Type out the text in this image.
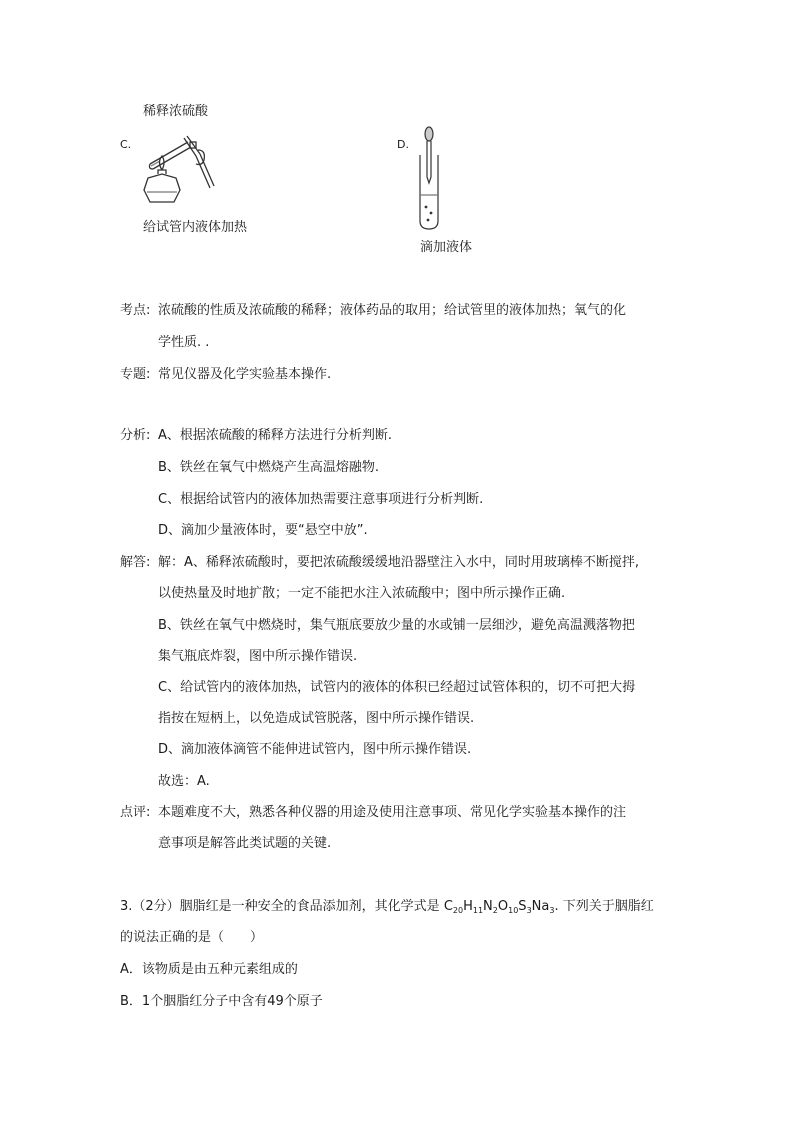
稀释浓硫酸
C.	D.
给试管内液体加热
滴加液体
考点: 浓硫酸的性质及浓硫酸的稀释；液体药品的取用；给试管里的液体加热；氧气的化
学性质. .
专题: 常见仪器及化学实验基本操作.
分析: A、根据浓硫酸的稀释方法进行分析判断.
B、铁丝在氧气中燃烧产生高温熔融物.
C、根据给试管内的液体加热需要注意事项进行分析判断.
D、滴加少量液体时，要“悬空中放”.
解答: 解：A、稀释浓硫酸时，要把浓硫酸缓缓地沿器壁注入水中，同时用玻璃棒不断搅拌,
以使热量及时地扩散；一定不能把水注入浓硫酸中；图中所示操作正确.
B、铁丝在氧气中燃烧时，集气瓶底要放少量的水或铺一层细沙，避免高温溅落物把
集气瓶底炸裂，图中所示操作错误.
C、给试管内的液体加热，试管内的液体的体积已经超过试管体积的，切不可把大拇
指按在短柄上，以免造成试管脱落，图中所示操作错误.
D、滴加液体滴管不能伸进试管内，图中所示操作错误.
故选：A.
点评: 本题难度不大，熟悉各种仪器的用途及使用注意事项、常见化学实验基本操作的注
意事项是解答此类试题的关键.
3.（2分）胭脂红是一种安全的食品添加剂，其化学式是 $C_{20}H_{11}N_2O_{10}S_3Na_3$. 下列关于胭脂红
的说法正确的是（　　）
A．该物质是由五种元素组成的
B．1个胭脂红分子中含有49个原子
